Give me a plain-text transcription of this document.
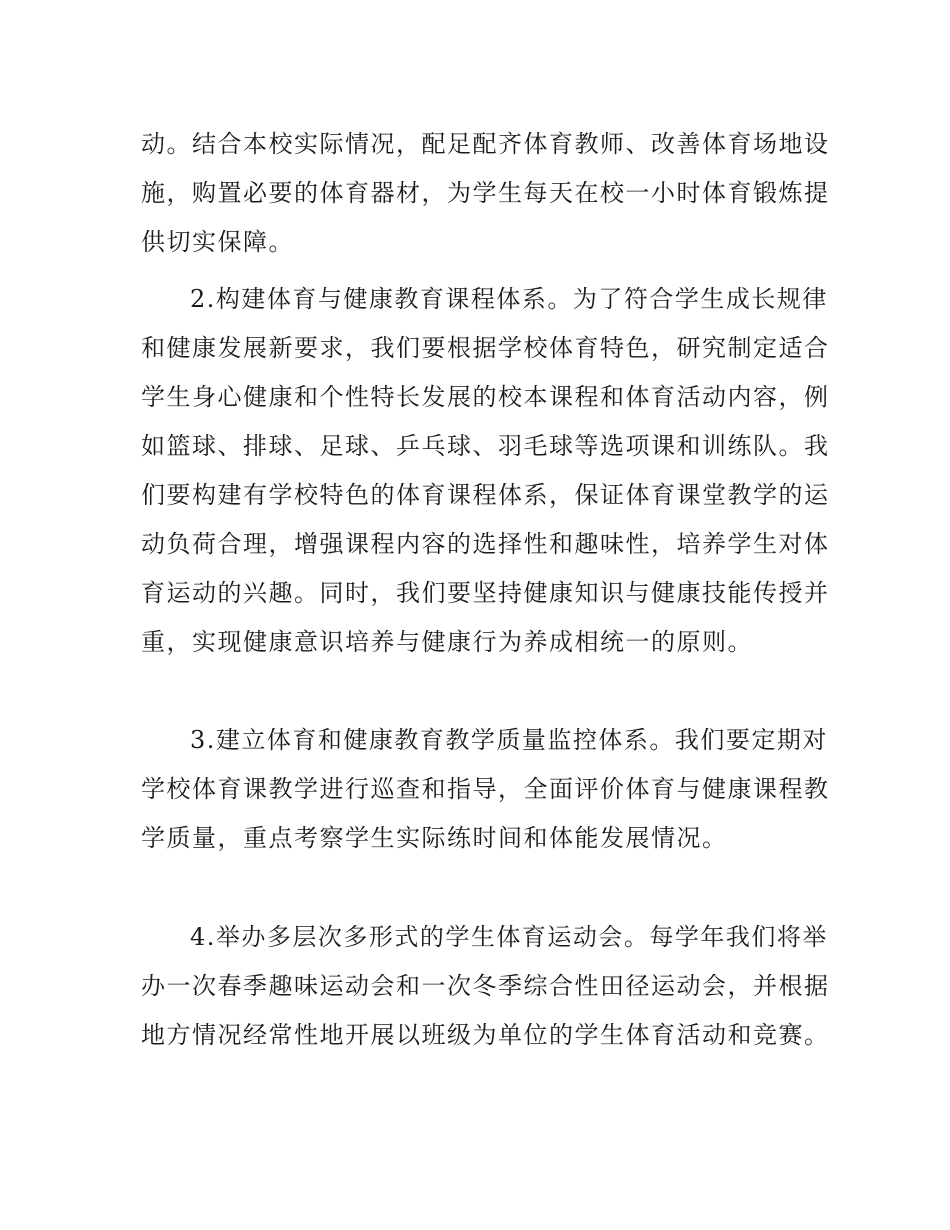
动。结合本校实际情况，配足配齐体育教师、改善体育场地设
施，购置必要的体育器材，为学生每天在校一小时体育锻炼提
供切实保障。
2.构建体育与健康教育课程体系。为了符合学生成长规律
和健康发展新要求，我们要根据学校体育特色，研究制定适合
学生身心健康和个性特长发展的校本课程和体育活动内容，例
如篮球、排球、足球、乒乓球、羽毛球等选项课和训练队。我
们要构建有学校特色的体育课程体系，保证体育课堂教学的运
动负荷合理，增强课程内容的选择性和趣味性，培养学生对体
育运动的兴趣。同时，我们要坚持健康知识与健康技能传授并
重，实现健康意识培养与健康行为养成相统一的原则。
3.建立体育和健康教育教学质量监控体系。我们要定期对
学校体育课教学进行巡查和指导，全面评价体育与健康课程教
学质量，重点考察学生实际练时间和体能发展情况。
4.举办多层次多形式的学生体育运动会。每学年我们将举
办一次春季趣味运动会和一次冬季综合性田径运动会，并根据
地方情况经常性地开展以班级为单位的学生体育活动和竞赛。
